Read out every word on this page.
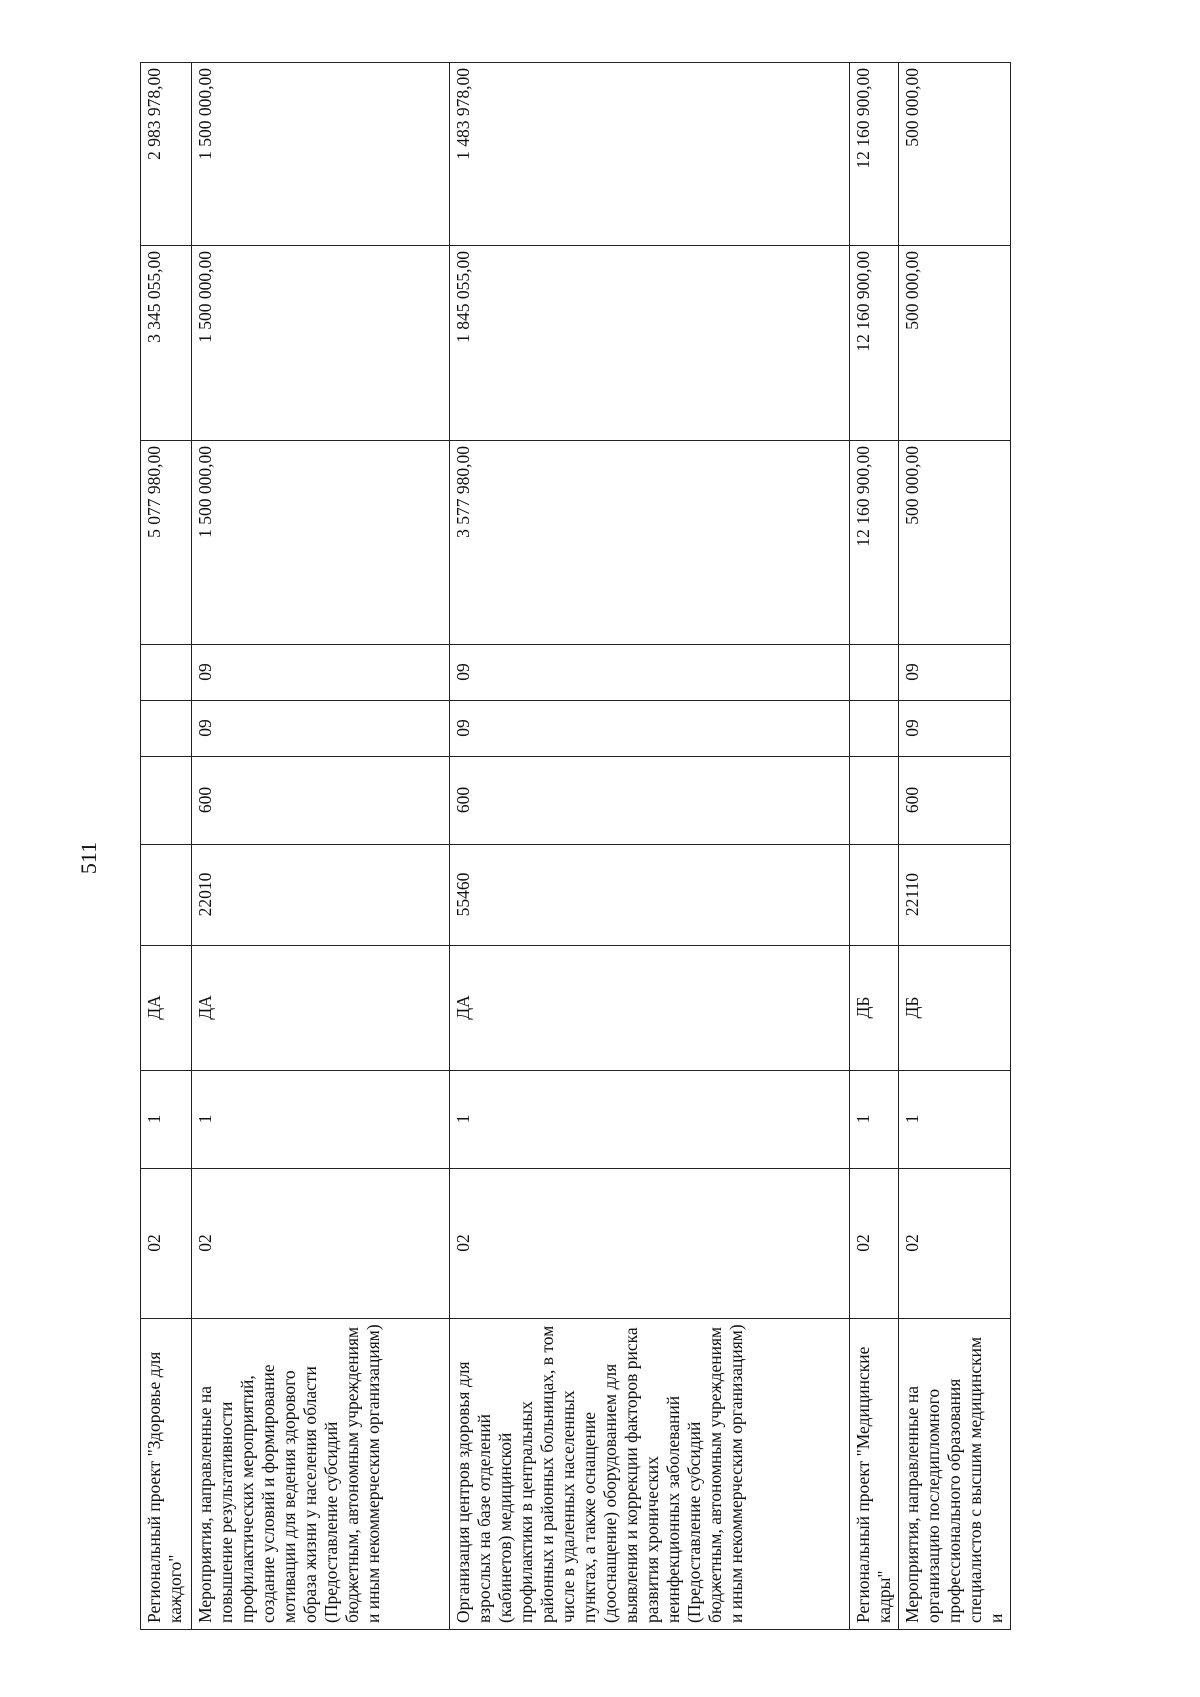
511
Региональный проект "Здоровье для каждого"	02	1	ДА					5 077 980,00	3 345 055,00	2 983 978,00
Мероприятия, направленные на повышение результативности профилактических мероприятий, создание условий и формирование мотивации для ведения здорового образа жизни у населения области (Предоставление субсидий бюджетным, автономным учреждениям и иным некоммерческим организациям)	02	1	ДА	22010	600	09	09	1 500 000,00	1 500 000,00	1 500 000,00
Организация центров здоровья для взрослых на базе отделений (кабинетов) медицинской профилактики в центральных районных и районных больницах, в том числе в удаленных населенных пунктах, а также оснащение (дооснащение) оборудованием для выявления и коррекции факторов риска развития хронических неинфекционных заболеваний (Предоставление субсидий бюджетным, автономным учреждениям и иным некоммерческим организациям)	02	1	ДА	55460	600	09	09	3 577 980,00	1 845 055,00	1 483 978,00
Региональный проект "Медицинские кадры"	02	1	ДБ					12 160 900,00	12 160 900,00	12 160 900,00
Мероприятия, направленные на организацию последипломного профессионального образования специалистов с высшим медицинским и	02	1	ДБ	22110	600	09	09	500 000,00	500 000,00	500 000,00
